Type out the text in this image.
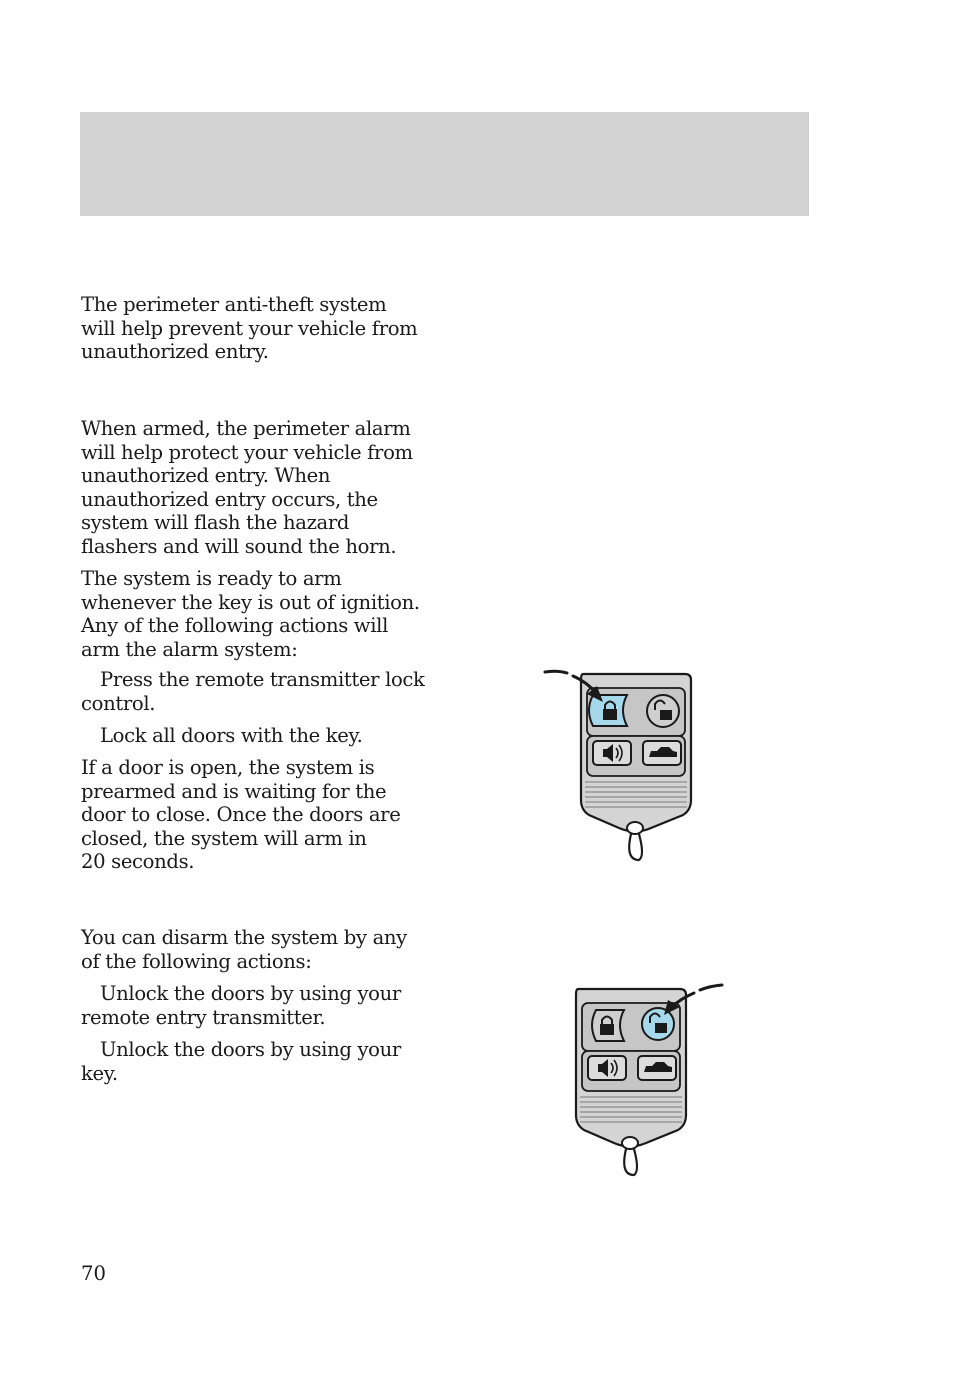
The perimeter anti-theft system
will help prevent your vehicle from
unauthorized entry.

When armed, the perimeter alarm
will help protect your vehicle from
unauthorized entry. When
unauthorized entry occurs, the
system will flash the hazard
flashers and will sound the horn.

The system is ready to arm
whenever the key is out of ignition.
Any of the following actions will
arm the alarm system:

Press the remote transmitter lock
control.

Lock all doors with the key.

If a door is open, the system is
prearmed and is waiting for the
door to close. Once the doors are
closed, the system will arm in
20 seconds.

You can disarm the system by any
of the following actions:

Unlock the doors by using your
remote entry transmitter.

Unlock the doors by using your
key.

70
